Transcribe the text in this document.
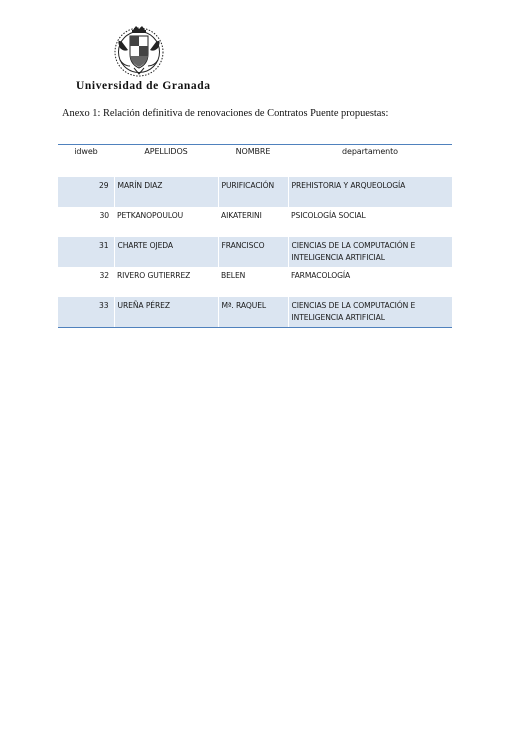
Universidad de Granada
Anexo 1: Relación definitiva de renovaciones de Contratos Puente propuestas:
idweb	APELLIDOS	NOMBRE	departamento

29	MARÍN DIAZ	PURIFICACIÓN	PREHISTORIA Y ARQUEOLOGÍA
30	PETKANOPOULOU	AIKATERINI	PSICOLOGÍA SOCIAL
31	CHARTE OJEDA	FRANCISCO	CIENCIAS DE LA COMPUTACIÓN E INTELIGENCIA ARTIFICIAL
32	RIVERO GUTIERREZ	BELEN	FARMACOLOGÍA
33	UREÑA PÉREZ	Mª. RAQUEL	CIENCIAS DE LA COMPUTACIÓN E INTELIGENCIA ARTIFICIAL
